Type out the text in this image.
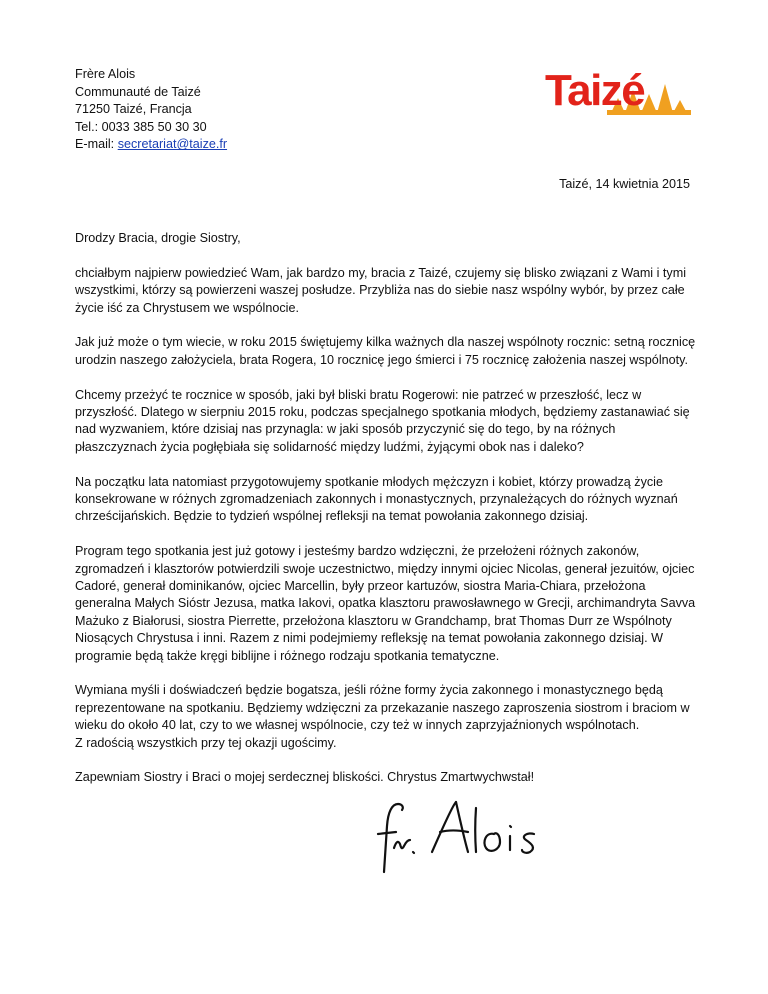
Frère Alois
Communauté de Taizé
71250 Taizé, Francja
Tel.: 0033 385 50 30 30
E-mail: secretariat@taize.fr
Taizé
Taizé, 14 kwietnia 2015

Drodzy Bracia, drogie Siostry,

chciałbym najpierw powiedzieć Wam, jak bardzo my, bracia z Taizé, czujemy się blisko związani z Wami i tymi wszystkimi, którzy są powierzeni waszej posłudze. Przybliża nas do siebie nasz wspólny wybór, by przez całe życie iść za Chrystusem we wspólnocie.

Jak już może o tym wiecie, w roku 2015 świętujemy kilka ważnych dla naszej wspólnoty rocznic: setną rocznicę urodzin naszego założyciela, brata Rogera, 10 rocznicę jego śmierci i 75 rocznicę założenia naszej wspólnoty.

Chcemy przeżyć te rocznice w sposób, jaki był bliski bratu Rogerowi: nie patrzeć w przeszłość, lecz w przyszłość. Dlatego w sierpniu 2015 roku, podczas specjalnego spotkania młodych, będziemy zastanawiać się nad wyzwaniem, które dzisiaj nas przynagla: w jaki sposób przyczynić się do tego, by na różnych płaszczyznach życia pogłębiała się solidarność między ludźmi, żyjącymi obok nas i daleko?

Na początku lata natomiast przygotowujemy spotkanie młodych mężczyzn i kobiet, którzy prowadzą życie konsekrowane w różnych zgromadzeniach zakonnych i monastycznych, przynależących do różnych wyznań chrześcijańskich. Będzie to tydzień wspólnej refleksji na temat powołania zakonnego dzisiaj.

Program tego spotkania jest już gotowy i jesteśmy bardzo wdzięczni, że przełożeni różnych zakonów, zgromadzeń i klasztorów potwierdzili swoje uczestnictwo, między innymi ojciec Nicolas, generał jezuitów, ojciec Cadoré, generał dominikanów, ojciec Marcellin, były przeor kartuzów, siostra Maria-Chiara, przełożona generalna Małych Sióstr Jezusa, matka Iakovi, opatka klasztoru prawosławnego w Grecji, archimandryta Savva Mażuko z Białorusi, siostra Pierrette, przełożona klasztoru w Grandchamp, brat Thomas Durr ze Wspólnoty Niosących Chrystusa i inni. Razem z nimi podejmiemy refleksję na temat powołania zakonnego dzisiaj. W programie będą także kręgi biblijne i różnego rodzaju spotkania tematyczne.

Wymiana myśli i doświadczeń będzie bogatsza, jeśli różne formy życia zakonnego i monastycznego będą reprezentowane na spotkaniu. Będziemy wdzięczni za przekazanie naszego zaproszenia siostrom i braciom w wieku do około 40 lat, czy to we własnej wspólnocie, czy też w innych zaprzyjaźnionych wspólnotach.
Z radością wszystkich przy tej okazji ugościmy.

Zapewniam Siostry i Braci o mojej serdecznej bliskości. Chrystus Zmartwychwstał!
